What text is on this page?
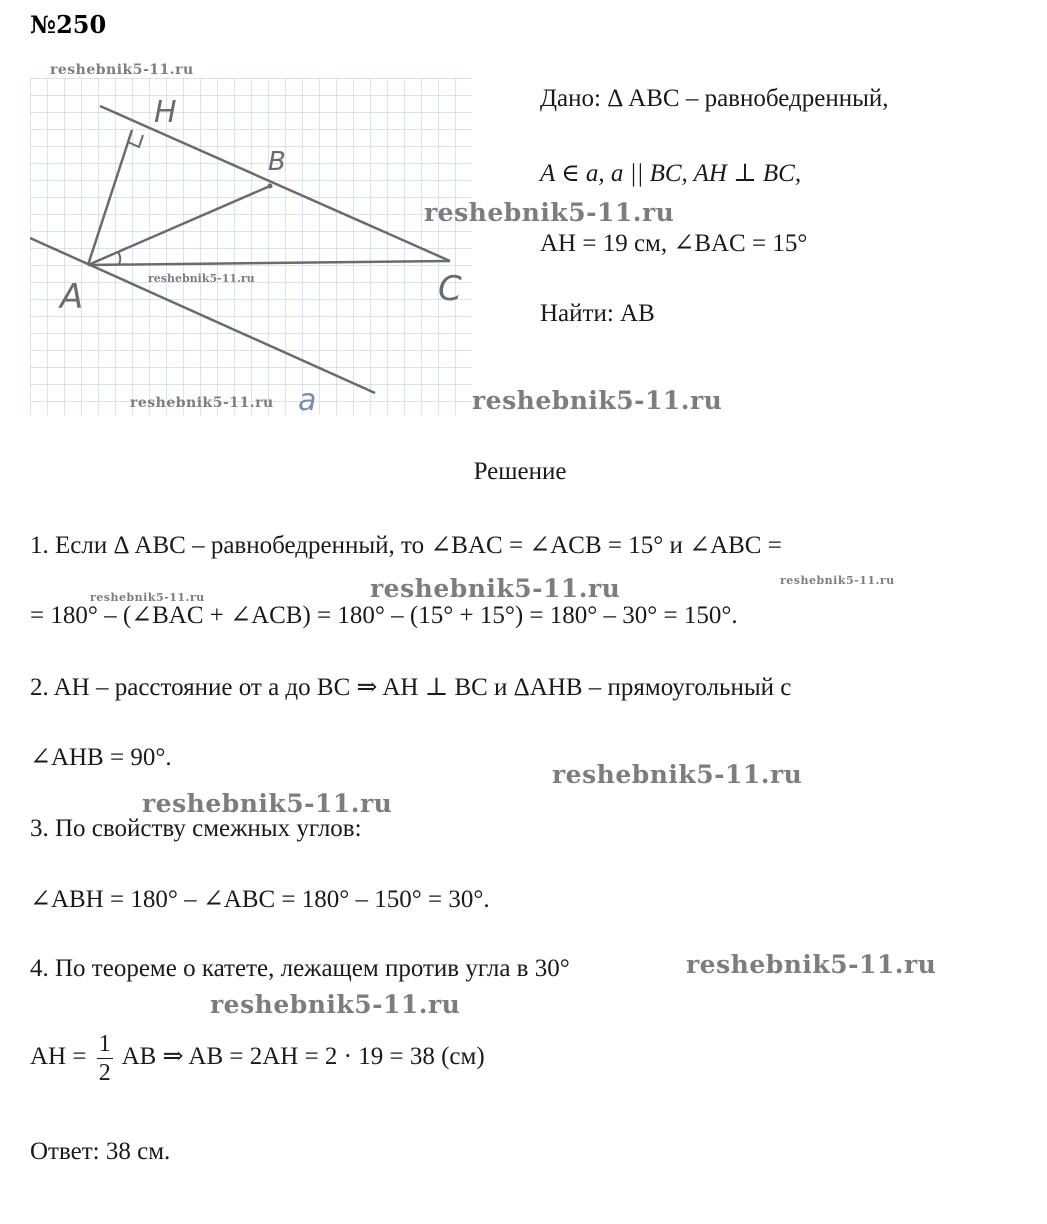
№250
H
B
A	C
a
reshebnik5-11.ru
reshebnik5-11.ru
reshebnik5-11.ru
reshebnik5-11.ru	reshebnik5-11.ru
reshebnik5-11.ru	reshebnik5-11.ru	reshebnik5-11.ru
reshebnik5-11.ru
reshebnik5-11.ru
reshebnik5-11.ru
reshebnik5-11.ru
Дано: Δ ABC – равнобедренный,
A ∈ a, a || BC, AH ⊥ BC,
AH = 19 см, ∠BAC = 15°
Найти: AB
Решение
1. Если Δ ABC – равнобедренный, то ∠BAC = ∠ACB = 15° и ∠ABC =
= 180° – (∠BAC + ∠ACB) = 180° – (15° + 15°) = 180° – 30° = 150°.
2. AH – расстояние от a до BC ⇒ AH ⊥ BC и ΔAHB – прямоугольный с
∠AHB = 90°.
3. По свойству смежных углов:
∠ABH = 180° – ∠ABC = 180° – 150° = 30°.
4. По теореме о катете, лежащем против угла в 30°
AH = $\frac{1}{2}$ AB ⇒ AB = 2AH = 2 · 19 = 38 (см)
Ответ: 38 см.
